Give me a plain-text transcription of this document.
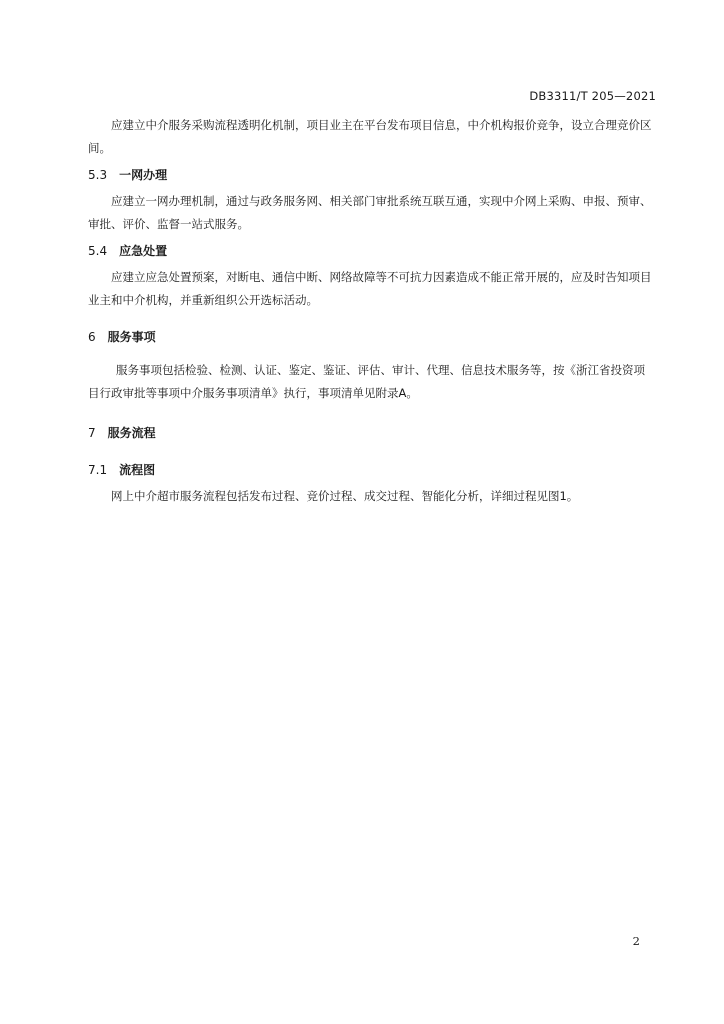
DB3311/T 205—2021

应建立中介服务采购流程透明化机制，项目业主在平台发布项目信息，中介机构报价竞争，设立合理竞价区间。

5.3 一网办理

应建立一网办理机制，通过与政务服务网、相关部门审批系统互联互通，实现中介网上采购、申报、预审、审批、评价、监督一站式服务。

5.4 应急处置

应建立应急处置预案，对断电、通信中断、网络故障等不可抗力因素造成不能正常开展的，应及时告知项目业主和中介机构，并重新组织公开选标活动。

6 服务事项

服务事项包括检验、检测、认证、鉴定、鉴证、评估、审计、代理、信息技术服务等，按《浙江省投资项目行政审批等事项中介服务事项清单》执行，事项清单见附录A。

7 服务流程
7.1 流程图

网上中介超市服务流程包括发布过程、竞价过程、成交过程、智能化分析，详细过程见图1。

2
